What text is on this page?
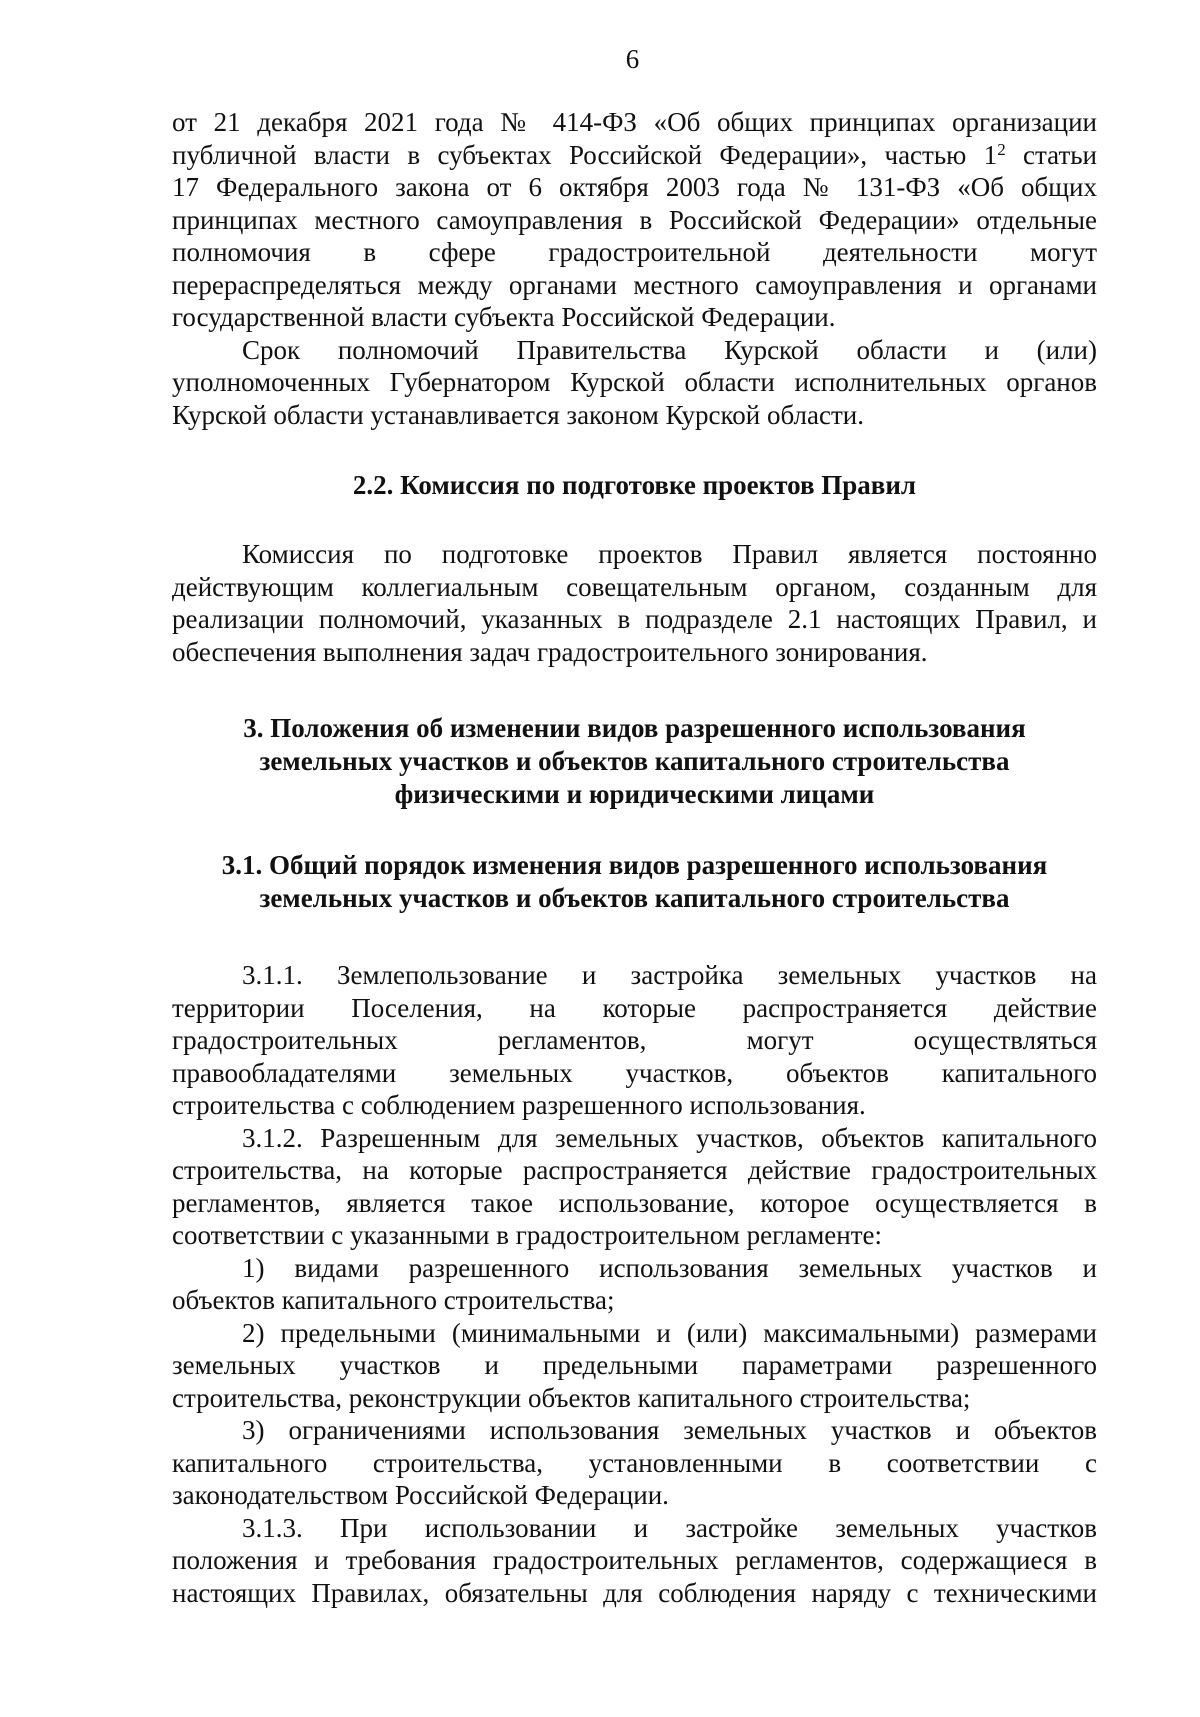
6
от 21 декабря 2021 года № 414-ФЗ «Об общих принципах организации
публичной власти в субъектах Российской Федерации», частью $1^2$ статьи
17 Федерального закона от 6 октября 2003 года № 131-ФЗ «Об общих
принципах местного самоуправления в Российской Федерации» отдельные
полномочия в сфере градостроительной деятельности могут
перераспределяться между органами местного самоуправления и органами
государственной власти субъекта Российской Федерации.
Срок полномочий Правительства Курской области и (или)
уполномоченных Губернатором Курской области исполнительных органов
Курской области устанавливается законом Курской области.
2.2. Комиссия по подготовке проектов Правил
Комиссия по подготовке проектов Правил является постоянно
действующим коллегиальным совещательным органом, созданным для
реализации полномочий, указанных в подразделе 2.1 настоящих Правил, и
обеспечения выполнения задач градостроительного зонирования.
3. Положения об изменении видов разрешенного использования
земельных участков и объектов капитального строительства
физическими и юридическими лицами
3.1. Общий порядок изменения видов разрешенного использования
земельных участков и объектов капитального строительства
3.1.1. Землепользование и застройка земельных участков на
территории Поселения, на которые распространяется действие
градостроительных регламентов, могут осуществляться
правообладателями земельных участков, объектов капитального
строительства с соблюдением разрешенного использования.
3.1.2. Разрешенным для земельных участков, объектов капитального
строительства, на которые распространяется действие градостроительных
регламентов, является такое использование, которое осуществляется в
соответствии с указанными в градостроительном регламенте:
1) видами разрешенного использования земельных участков и
объектов капитального строительства;
2) предельными (минимальными и (или) максимальными) размерами
земельных участков и предельными параметрами разрешенного
строительства, реконструкции объектов капитального строительства;
3) ограничениями использования земельных участков и объектов
капитального строительства, установленными в соответствии с
законодательством Российской Федерации.
3.1.3. При использовании и застройке земельных участков
положения и требования градостроительных регламентов, содержащиеся в
настоящих Правилах, обязательны для соблюдения наряду с техническими
